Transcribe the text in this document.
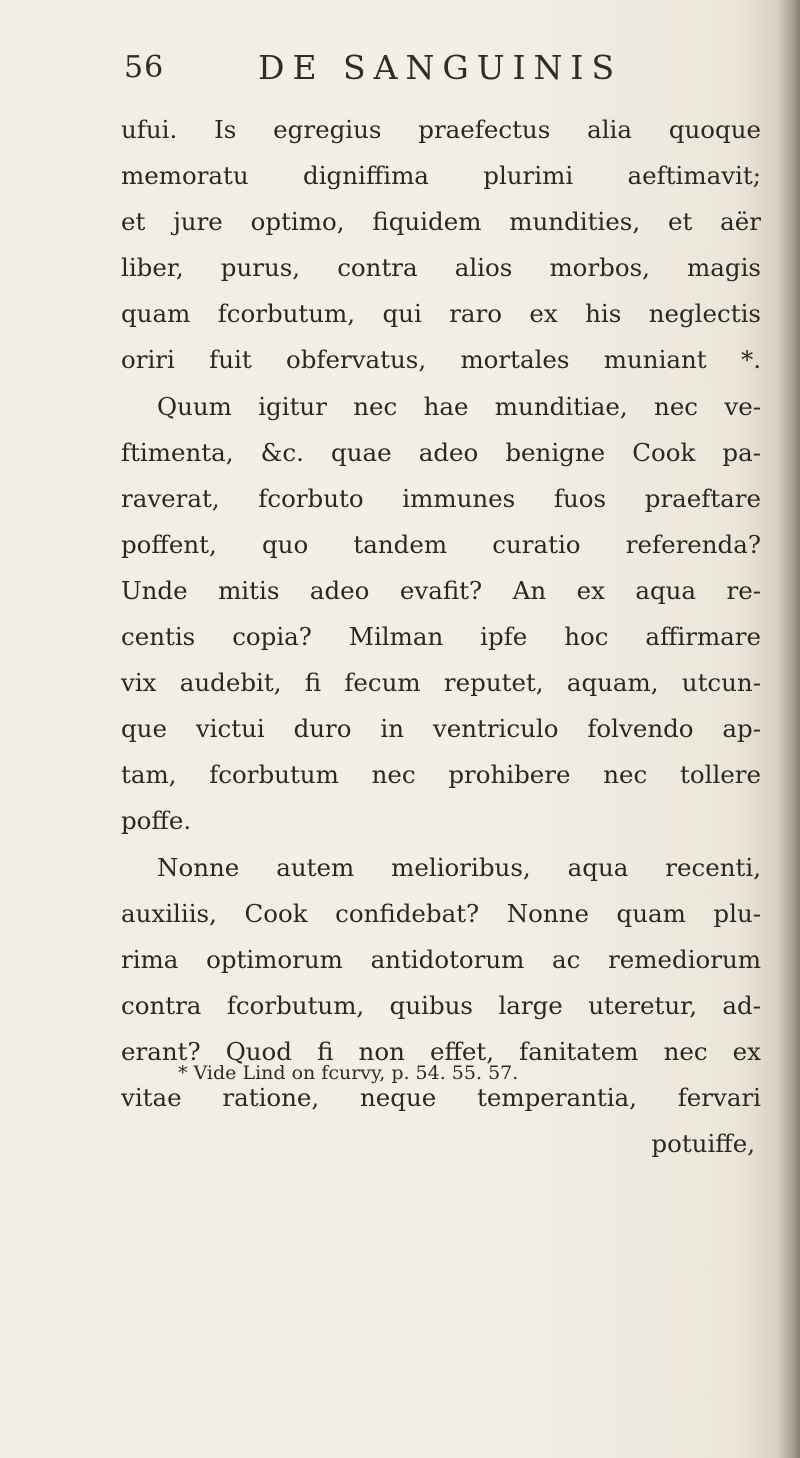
56	DE SANGUINIS
ufui. Is egregius praefectus alia quoque
memoratu digniffima plurimi aeftimavit;
et jure optimo, fiquidem mundities, et aër
liber, purus, contra alios morbos, magis
quam fcorbutum, qui raro ex his neglectis
oriri fuit obfervatus, mortales muniant *.
Quum igitur nec hae munditiae, nec ve-
ftimenta, &c. quae adeo benigne Cook pa-
raverat, fcorbuto immunes fuos praeftare
poffent, quo tandem curatio referenda?
Unde mitis adeo evafit? An ex aqua re-
centis copia? Milman ipfe hoc affirmare
vix audebit, fi fecum reputet, aquam, utcun-
que victui duro in ventriculo folvendo ap-
tam, fcorbutum nec prohibere nec tollere
poffe.
Nonne autem melioribus, aqua recenti,
auxiliis, Cook confidebat? Nonne quam plu-
rima optimorum antidotorum ac remediorum
contra fcorbutum, quibus large uteretur, ad-
erant? Quod fi non effet, fanitatem nec ex
vitae ratione, neque temperantia, fervari
potuiffe,
* Vide Lind on fcurvy, p. 54. 55. 57.
